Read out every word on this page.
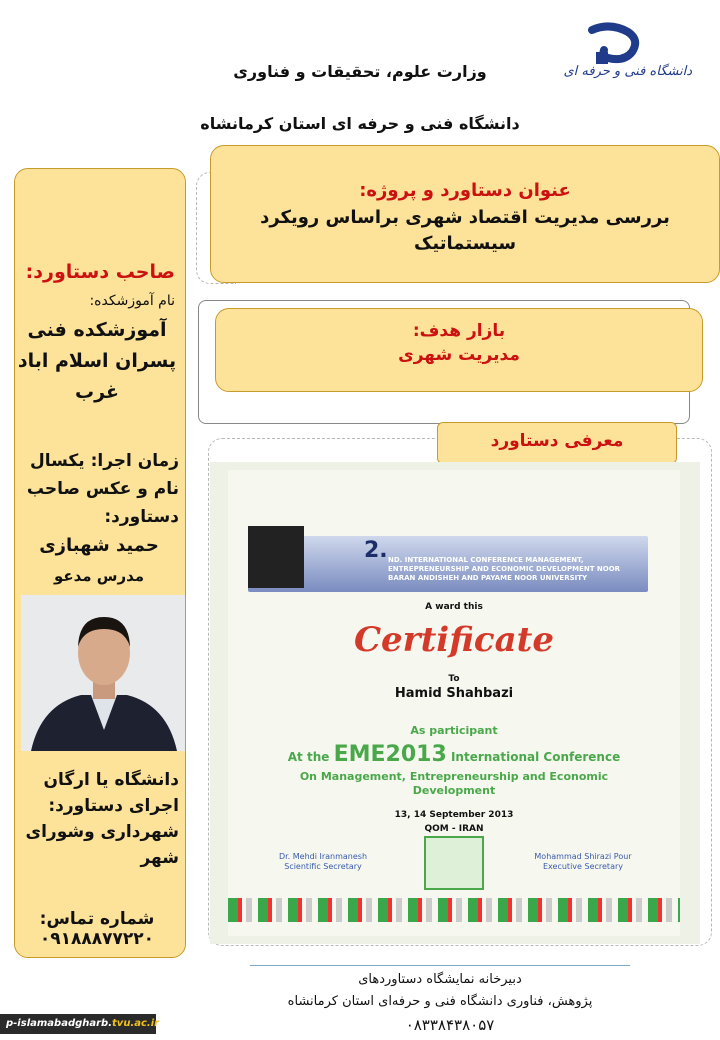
دانشگاه فنی و حرفه ای
وزارت علوم، تحقیقات و فناوری
دانشگاه فنی و حرفه ای استان کرمانشاه
عنوان دستاورد و پروژه:
بررسی مدیریت اقتصاد شهری براساس رویکرد سیستماتیک
بازار هدف:
مدیریت شهری
معرفی دستاورد
2. ND. INTERNATIONAL CONFERENCE MANAGEMENT, ENTREPRENEURSHIP AND ECONOMIC DEVELOPMENT NOOR BARAN ANDISHEH AND PAYAME NOOR UNIVERSITY
A ward this
Certificate
To
Hamid Shahbazi
As participant
At the EME2013 International Conference
On Management, Entrepreneurship and Economic Development
13, 14 September 2013
QOM - IRAN
Dr. Mehdi Iranmanesh
Scientific Secretary
Mohammad Shirazi Pour
Executive Secretary
صاحب دستاورد:
نام آموزشکده:
آموزشکده فنی پسران اسلام اباد غرب
زمان اجرا: یکسال نام و عکس صاحب دستاورد:
حمید شهبازی
مدرس مدعو
دانشگاه یا ارگان اجرای دستاورد: شهرداری وشورای شهر
شماره تماس:
۰۹۱۸۸۸۷۷۲۲۰
دبیرخانه نمایشگاه دستاوردهای
پژوهش، فناوری دانشگاه فنی و حرفه‌ای استان کرمانشاه
۰۸۳۳۸۴۳۸۰۵۷
p-islamabadgharb.tvu.ac.ir
